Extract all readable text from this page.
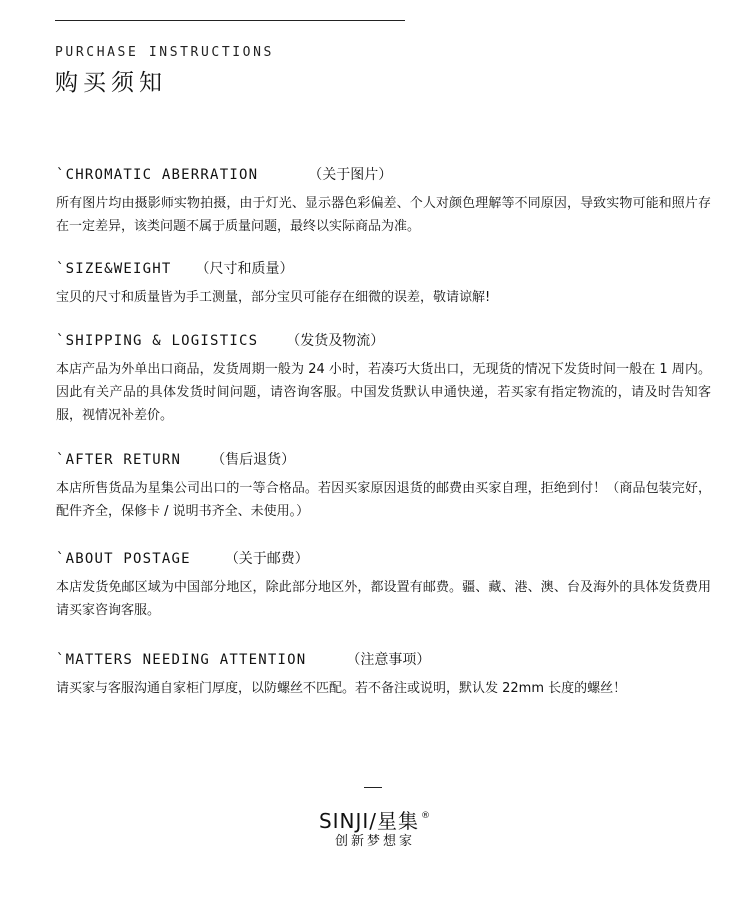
PURCHASE INSTRUCTIONS
购买须知
`CHROMATIC ABERRATION	（关于图片）
所有图片均由摄影师实物拍摄，由于灯光、显示器色彩偏差、个人对颜色理解等不同原因，导致实物可能和照片存在一定差异，该类问题不属于质量问题，最终以实际商品为准。
`SIZE&WEIGHT （尺寸和质量）
宝贝的尺寸和质量皆为手工测量，部分宝贝可能存在细微的误差，敬请谅解!
`SHIPPING & LOGISTICS （发货及物流）
本店产品为外单出口商品，发货周期一般为 24 小时，若凑巧大货出口，无现货的情况下发货时间一般在 1 周内。因此有关产品的具体发货时间问题，请咨询客服。中国发货默认申通快递，若买家有指定物流的，请及时告知客服，视情况补差价。
`AFTER RETURN （售后退货）
本店所售货品为星集公司出口的一等合格品。若因买家原因退货的邮费由买家自理，拒绝到付！（商品包装完好，配件齐全，保修卡 / 说明书齐全、未使用。）
`ABOUT POSTAGE （关于邮费）
本店发货免邮区域为中国部分地区，除此部分地区外，都设置有邮费。疆、藏、港、澳、台及海外的具体发货费用请买家咨询客服。
`MATTERS NEEDING ATTENTION	（注意事项）
请买家与客服沟通自家柜门厚度，以防螺丝不匹配。若不备注或说明，默认发 22mm 长度的螺丝！
SINJI/星集 ®
创新梦想家
